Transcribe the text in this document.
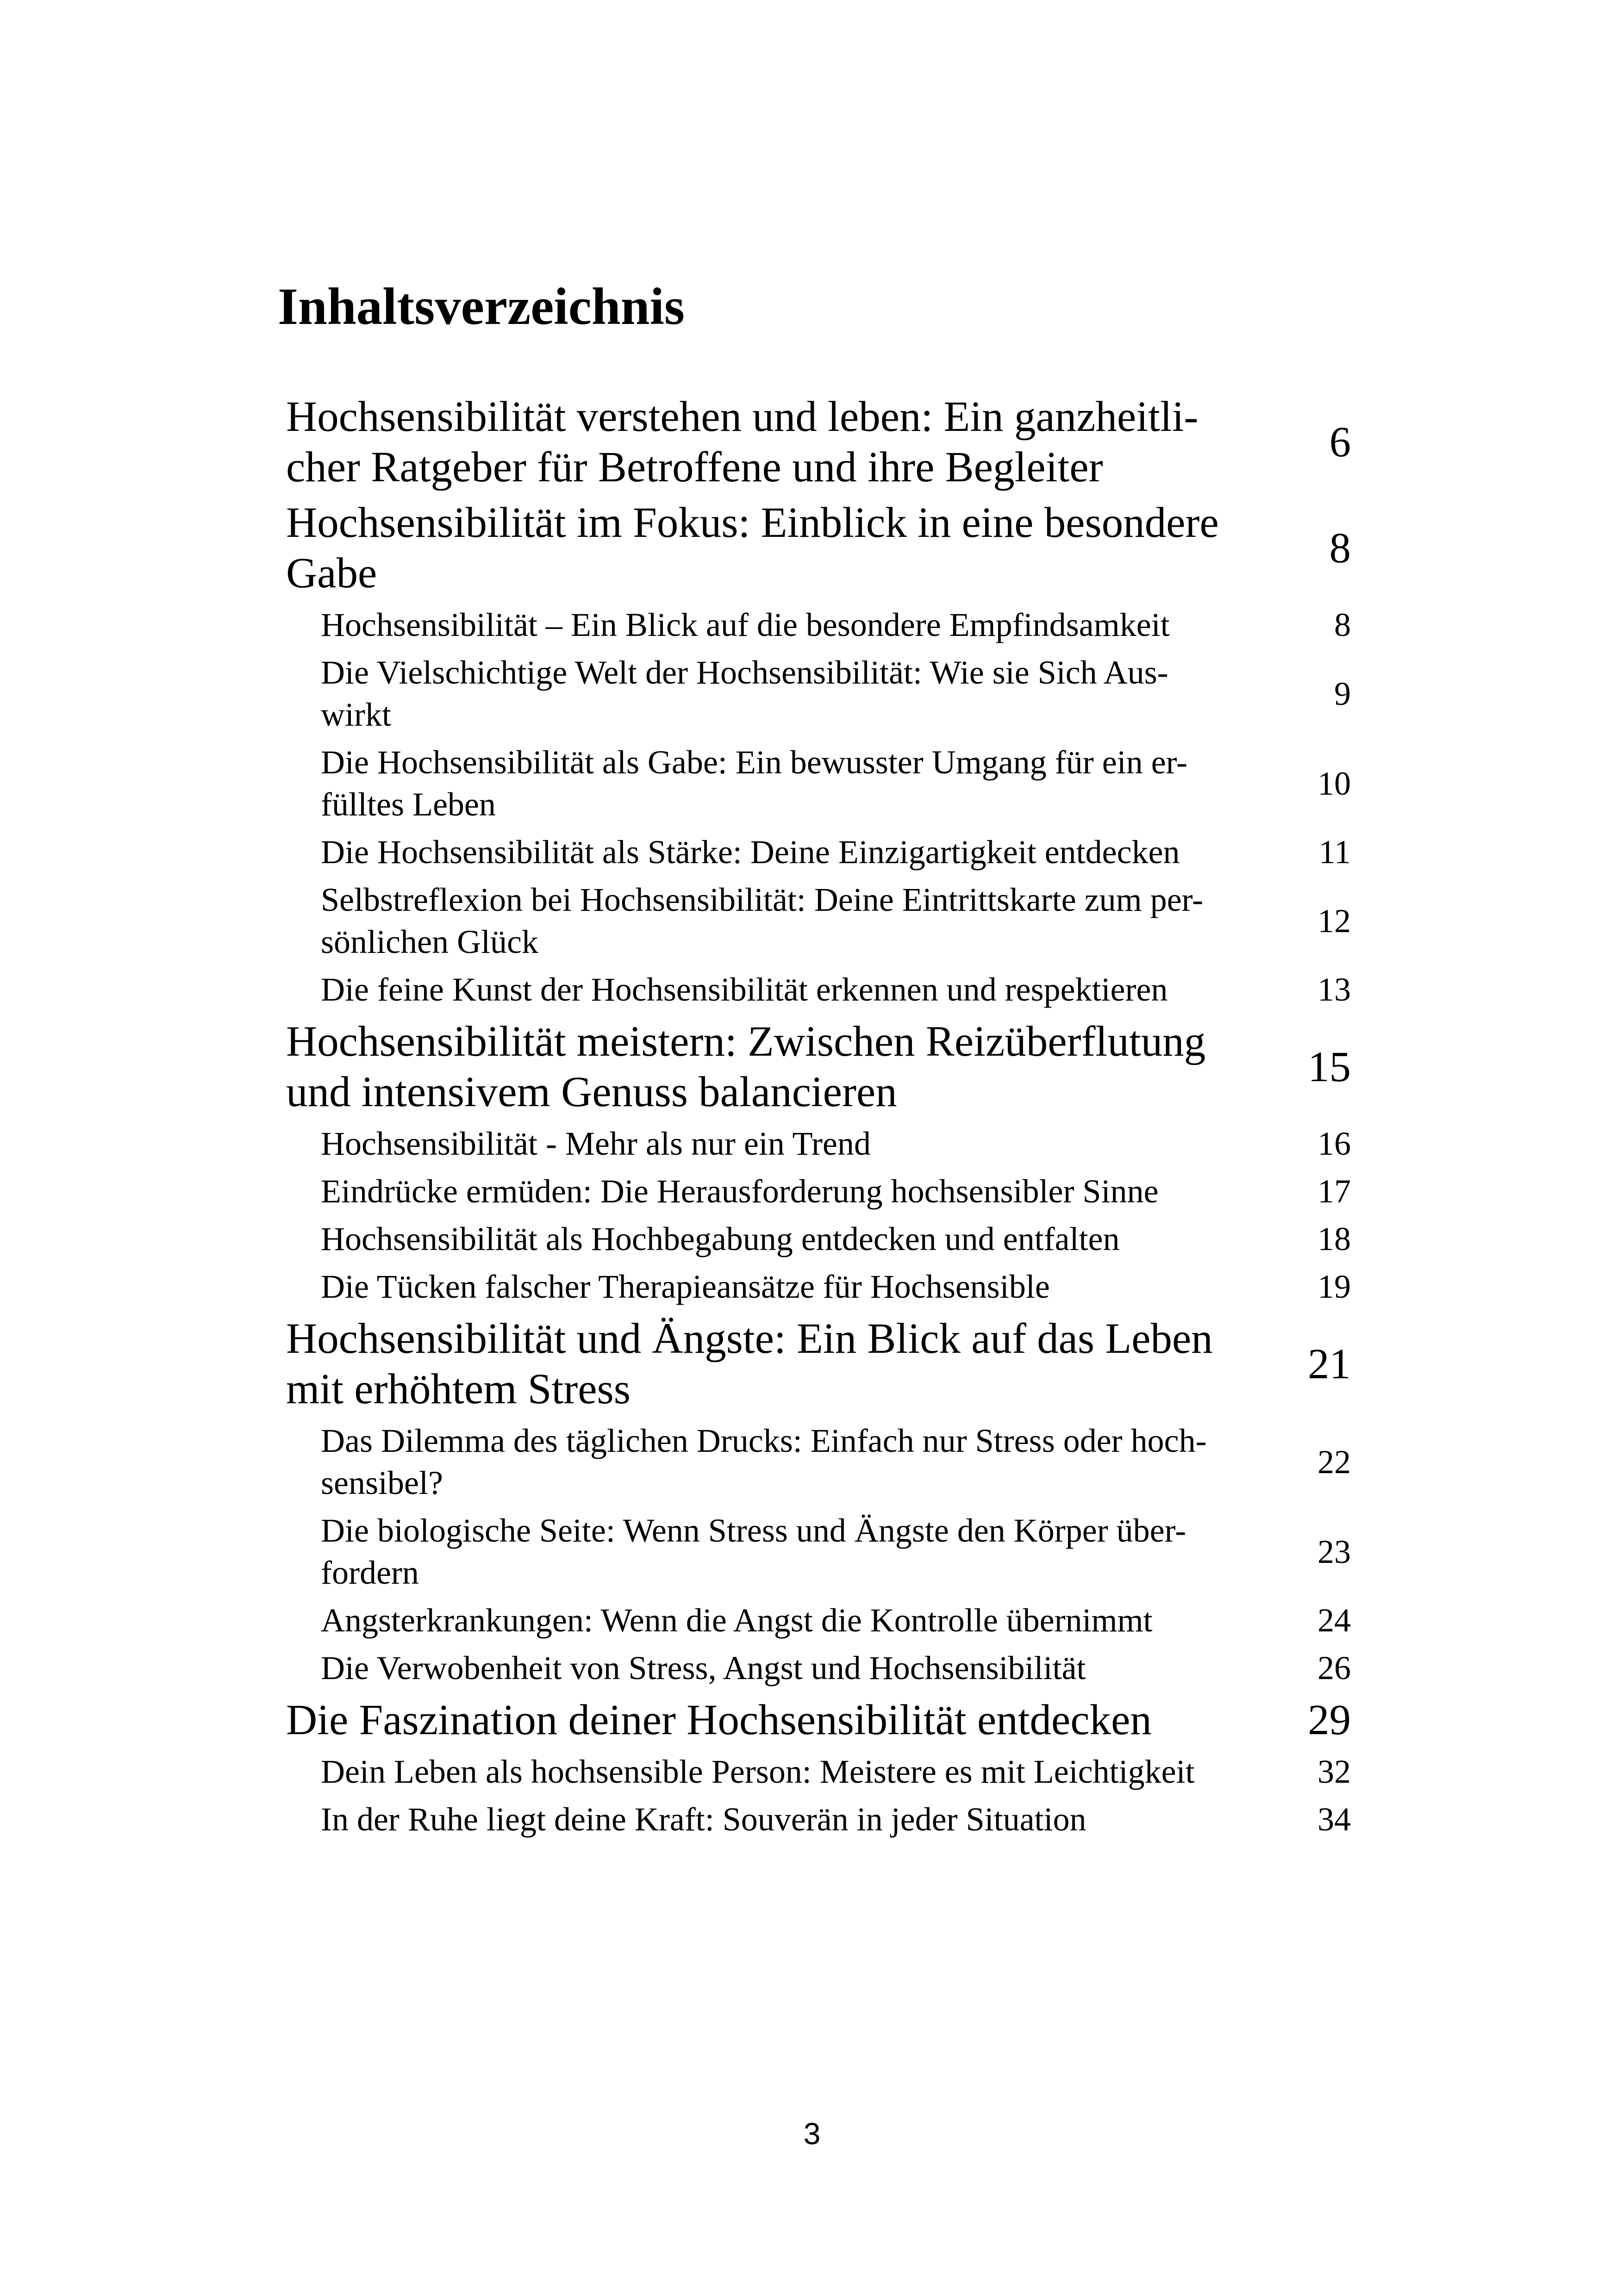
Inhaltsverzeichnis
Hochsensibilität verstehen und leben: Ein ganzheitli-
cher Ratgeber für Betroffene und ihre Begleiter
6
Hochsensibilität im Fokus: Einblick in eine besondere
Gabe
8
Hochsensibilität – Ein Blick auf die besondere Empfindsamkeit	8
Die Vielschichtige Welt der Hochsensibilität: Wie sie Sich Aus-
wirkt
9
Die Hochsensibilität als Gabe: Ein bewusster Umgang für ein er-
fülltes Leben
10
Die Hochsensibilität als Stärke: Deine Einzigartigkeit entdecken	11
Selbstreflexion bei Hochsensibilität: Deine Eintrittskarte zum per-
sönlichen Glück
12
Die feine Kunst der Hochsensibilität erkennen und respektieren	13
Hochsensibilität meistern: Zwischen Reizüberflutung
und intensivem Genuss balancieren
15
Hochsensibilität - Mehr als nur ein Trend	16
Eindrücke ermüden: Die Herausforderung hochsensibler Sinne	17
Hochsensibilität als Hochbegabung entdecken und entfalten	18
Die Tücken falscher Therapieansätze für Hochsensible	19
Hochsensibilität und Ängste: Ein Blick auf das Leben
mit erhöhtem Stress
21
Das Dilemma des täglichen Drucks: Einfach nur Stress oder hoch-
sensibel?
22
Die biologische Seite: Wenn Stress und Ängste den Körper über-
fordern
23
Angsterkrankungen: Wenn die Angst die Kontrolle übernimmt	24
Die Verwobenheit von Stress, Angst und Hochsensibilität	26
Die Faszination deiner Hochsensibilität entdecken	29
Dein Leben als hochsensible Person: Meistere es mit Leichtigkeit	32
In der Ruhe liegt deine Kraft: Souverän in jeder Situation	34
3
